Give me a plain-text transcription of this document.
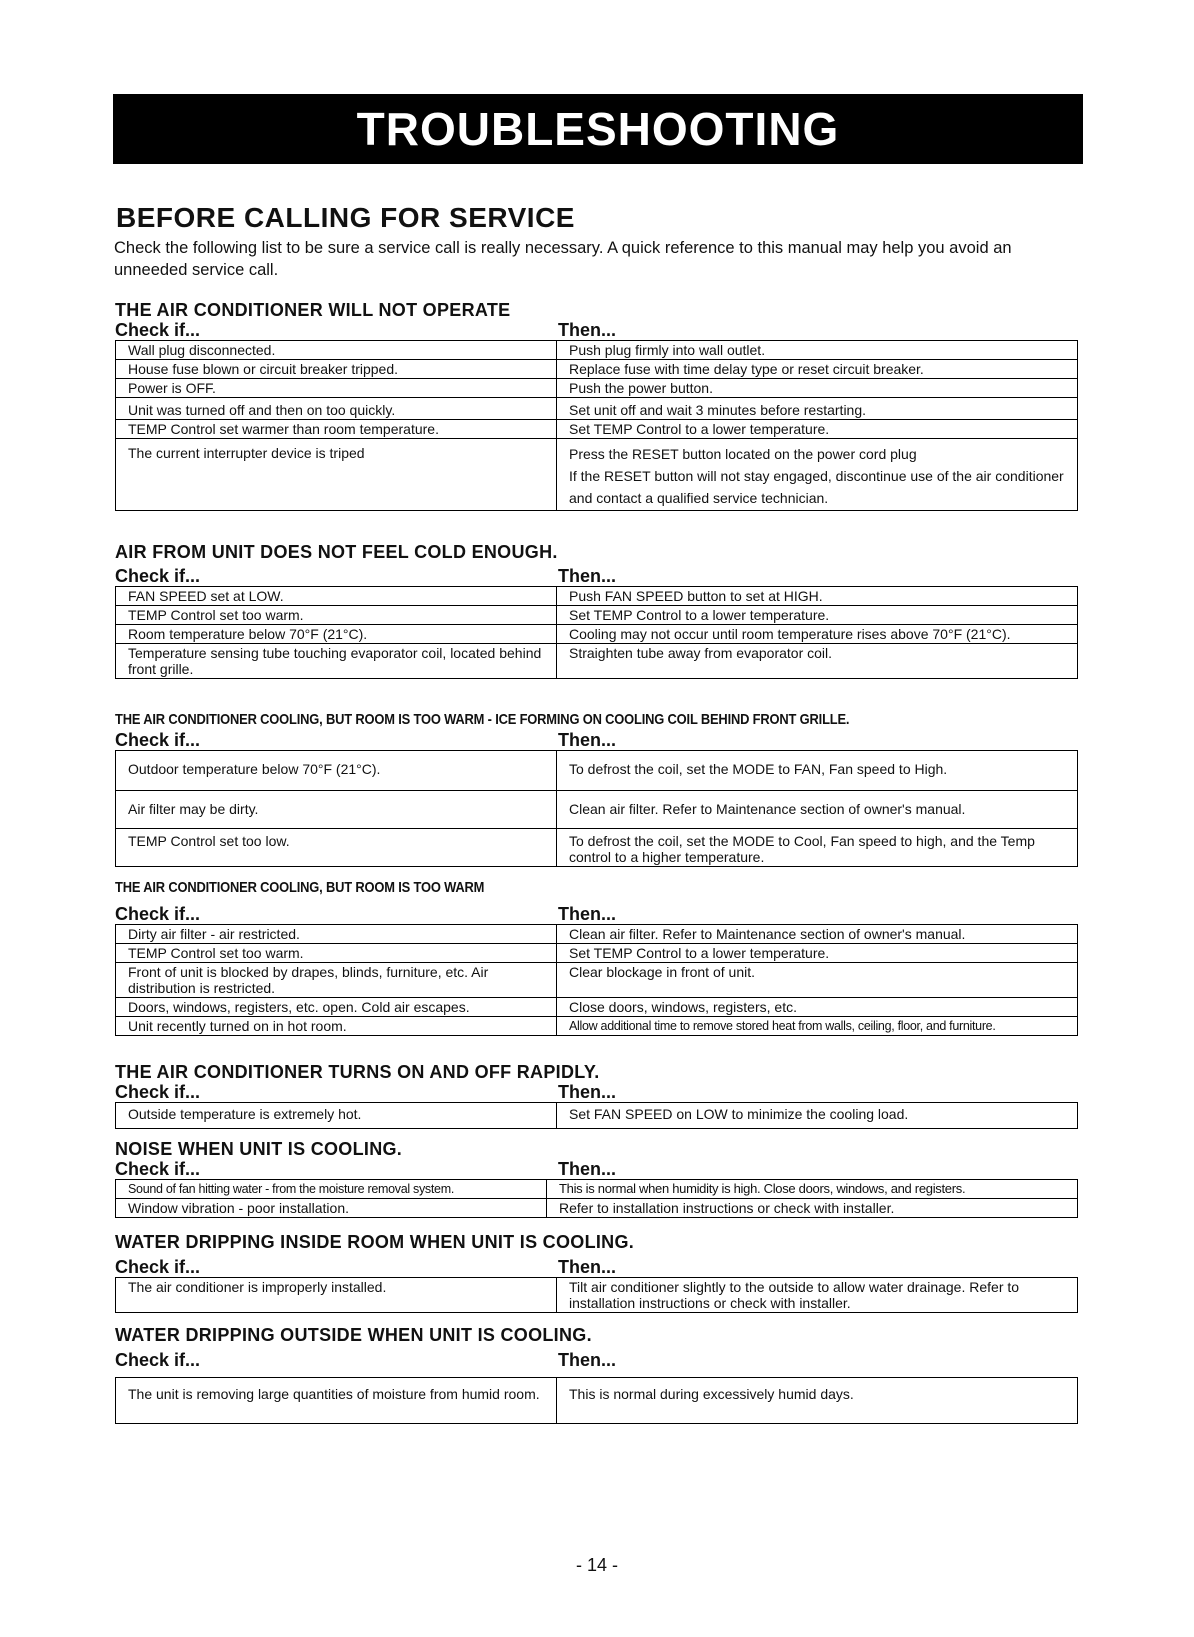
TROUBLESHOOTING
BEFORE CALLING FOR SERVICE
Check the following list to be sure a service call is really necessary. A quick reference to this manual may help you avoid an unneeded service call.
THE AIR CONDITIONER WILL NOT OPERATE
Check if...	Then...
Wall plug disconnected.	Push plug firmly into wall outlet.
House fuse blown or circuit breaker tripped.	Replace fuse with time delay type or reset circuit breaker.
Power is OFF.	Push the power button.
Unit was turned off and then on too quickly.	Set unit off and wait 3 minutes before restarting.
TEMP Control set warmer than room temperature.	Set TEMP Control to a lower temperature.
The current interrupter device is triped	Press the RESET button located on the power cord plug
If the RESET button will not stay engaged, discontinue use of the air conditioner and contact a qualified service technician.
AIR FROM UNIT DOES NOT FEEL COLD ENOUGH.
Check if...	Then...
FAN SPEED set at LOW.	Push FAN SPEED button to set at HIGH.
TEMP Control set too warm.	Set TEMP Control to a lower temperature.
Room temperature below 70°F (21°C).	Cooling may not occur until room temperature rises above 70°F (21°C).
Temperature sensing tube touching evaporator coil, located behind front grille.	Straighten tube away from evaporator coil.
THE AIR CONDITIONER COOLING, BUT ROOM IS TOO WARM - ICE FORMING ON COOLING COIL BEHIND FRONT GRILLE.
Check if...	Then...
Outdoor temperature below 70°F (21°C).	To defrost the coil, set the MODE to FAN, Fan speed to High.
Air filter may be dirty.	Clean air filter. Refer to Maintenance section of owner's manual.
TEMP Control set too low.	To defrost the coil, set the MODE to Cool, Fan speed to high, and the Temp control to a higher temperature.
THE AIR CONDITIONER COOLING, BUT ROOM IS TOO WARM
Check if...	Then...
Dirty air filter - air restricted.	Clean air filter. Refer to Maintenance section of owner's manual.
TEMP Control set too warm.	Set TEMP Control to a lower temperature.
Front of unit is blocked by drapes, blinds, furniture, etc. Air distribution is restricted.	Clear blockage in front of unit.
Doors, windows, registers, etc. open. Cold air escapes.	Close doors, windows, registers, etc.
Unit recently turned on in hot room.	Allow additional time to remove stored heat from walls, ceiling, floor, and furniture.
THE AIR CONDITIONER TURNS ON AND OFF RAPIDLY.
Check if...	Then...
Outside temperature is extremely hot.	Set FAN SPEED on LOW to minimize the cooling load.
NOISE WHEN UNIT IS COOLING.
Check if...	Then...
Sound of fan hitting water - from the moisture removal system.	This is normal when humidity is high. Close doors, windows, and registers.
Window vibration - poor installation.	Refer to installation instructions or check with installer.
WATER DRIPPING INSIDE ROOM WHEN UNIT IS COOLING.
Check if...	Then...
The air conditioner is improperly installed.	Tilt air conditioner slightly to the outside to allow water drainage. Refer to installation instructions or check with installer.
WATER DRIPPING OUTSIDE WHEN UNIT IS COOLING.
Check if...	Then...
The unit is removing large quantities of moisture from humid room.	This is normal during excessively humid days.
- 14 -
